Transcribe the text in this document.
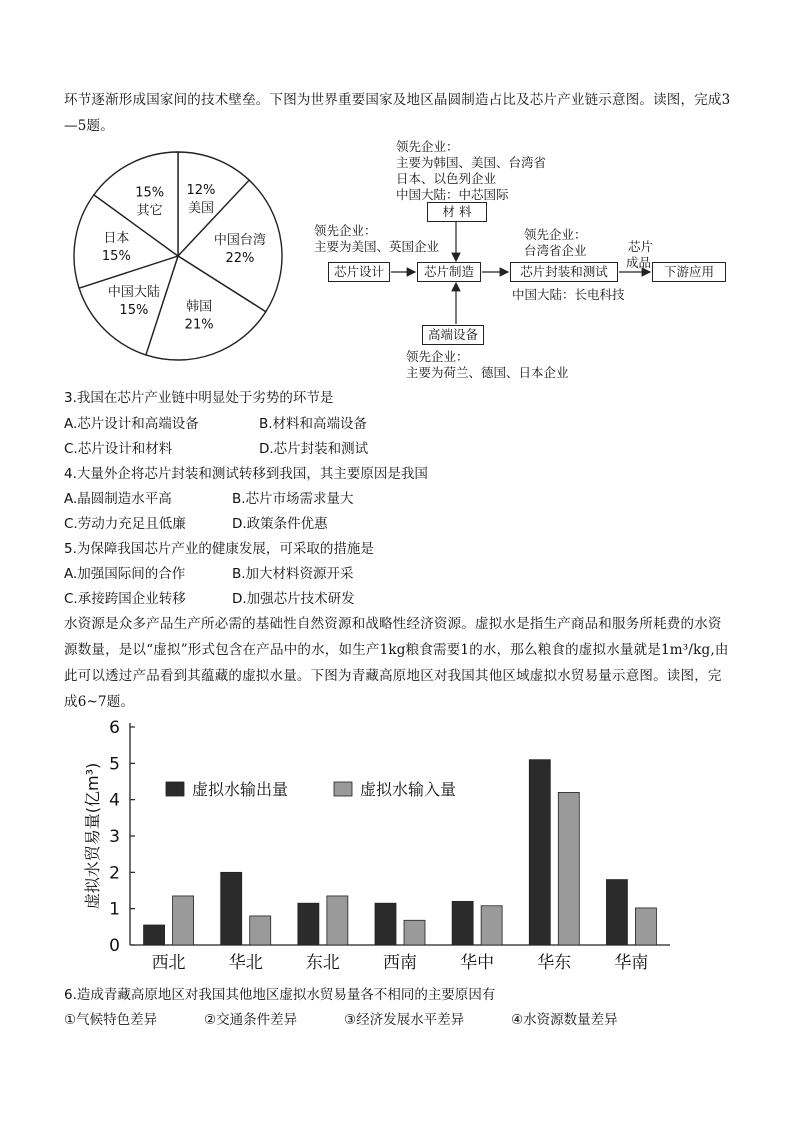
环节逐渐形成国家间的技术壁垒。下图为世界重要国家及地区晶圆制造占比及芯片产业链示意图。读图，完成3—5题。
12%
美国
中国台湾
22%
韩国
21%
中国大陆
15%
日本
15%
15%
其它
领先企业：
主要为韩国、美国、台湾省
日本、以色列企业
中国大陆：中芯国际
材 料
领先企业：
主要为美国、英国企业
领先企业：
台湾省企业	芯片
成品
芯片设计	芯片制造	芯片封装和测试	下游应用
中国大陆：长电科技
高端设备
领先企业：
主要为荷兰、德国、日本企业
3.我国在芯片产业链中明显处于劣势的环节是
A.芯片设计和高端设备	B.材料和高端设备
C.芯片设计和材料	D.芯片封装和测试
4.大量外企将芯片封装和测试转移到我国，其主要原因是我国
A.晶圆制造水平高	B.芯片市场需求量大
C.劳动力充足且低廉	D.政策条件优惠
5.为保障我国芯片产业的健康发展，可采取的措施是
A.加强国际间的合作	B.加大材料资源开采
C.承接跨国企业转移	D.加强芯片技术研发
水资源是众多产品生产所必需的基础性自然资源和战略性经济资源。虚拟水是指生产商品和服务所耗费的水资源数量，是以“虚拟”形式包含在产品中的水，如生产1kg粮食需要1的水，那么粮食的虚拟水量就是1m³/kg,由此可以透过产品看到其蕴藏的虚拟水量。下图为青藏高原地区对我国其他区域虚拟水贸易量示意图。读图，完成6~7题。
虚拟水贸易量(亿m³)
0
1
2
3
4
5
6
西北	华北	东北	西南	华中	华东	华南
虚拟水输出量	虚拟水输入量
6.造成青藏高原地区对我国其他地区虚拟水贸易量各不相同的主要原因有
①气候特色差异	②交通条件差异	③经济发展水平差异	④水资源数量差异
